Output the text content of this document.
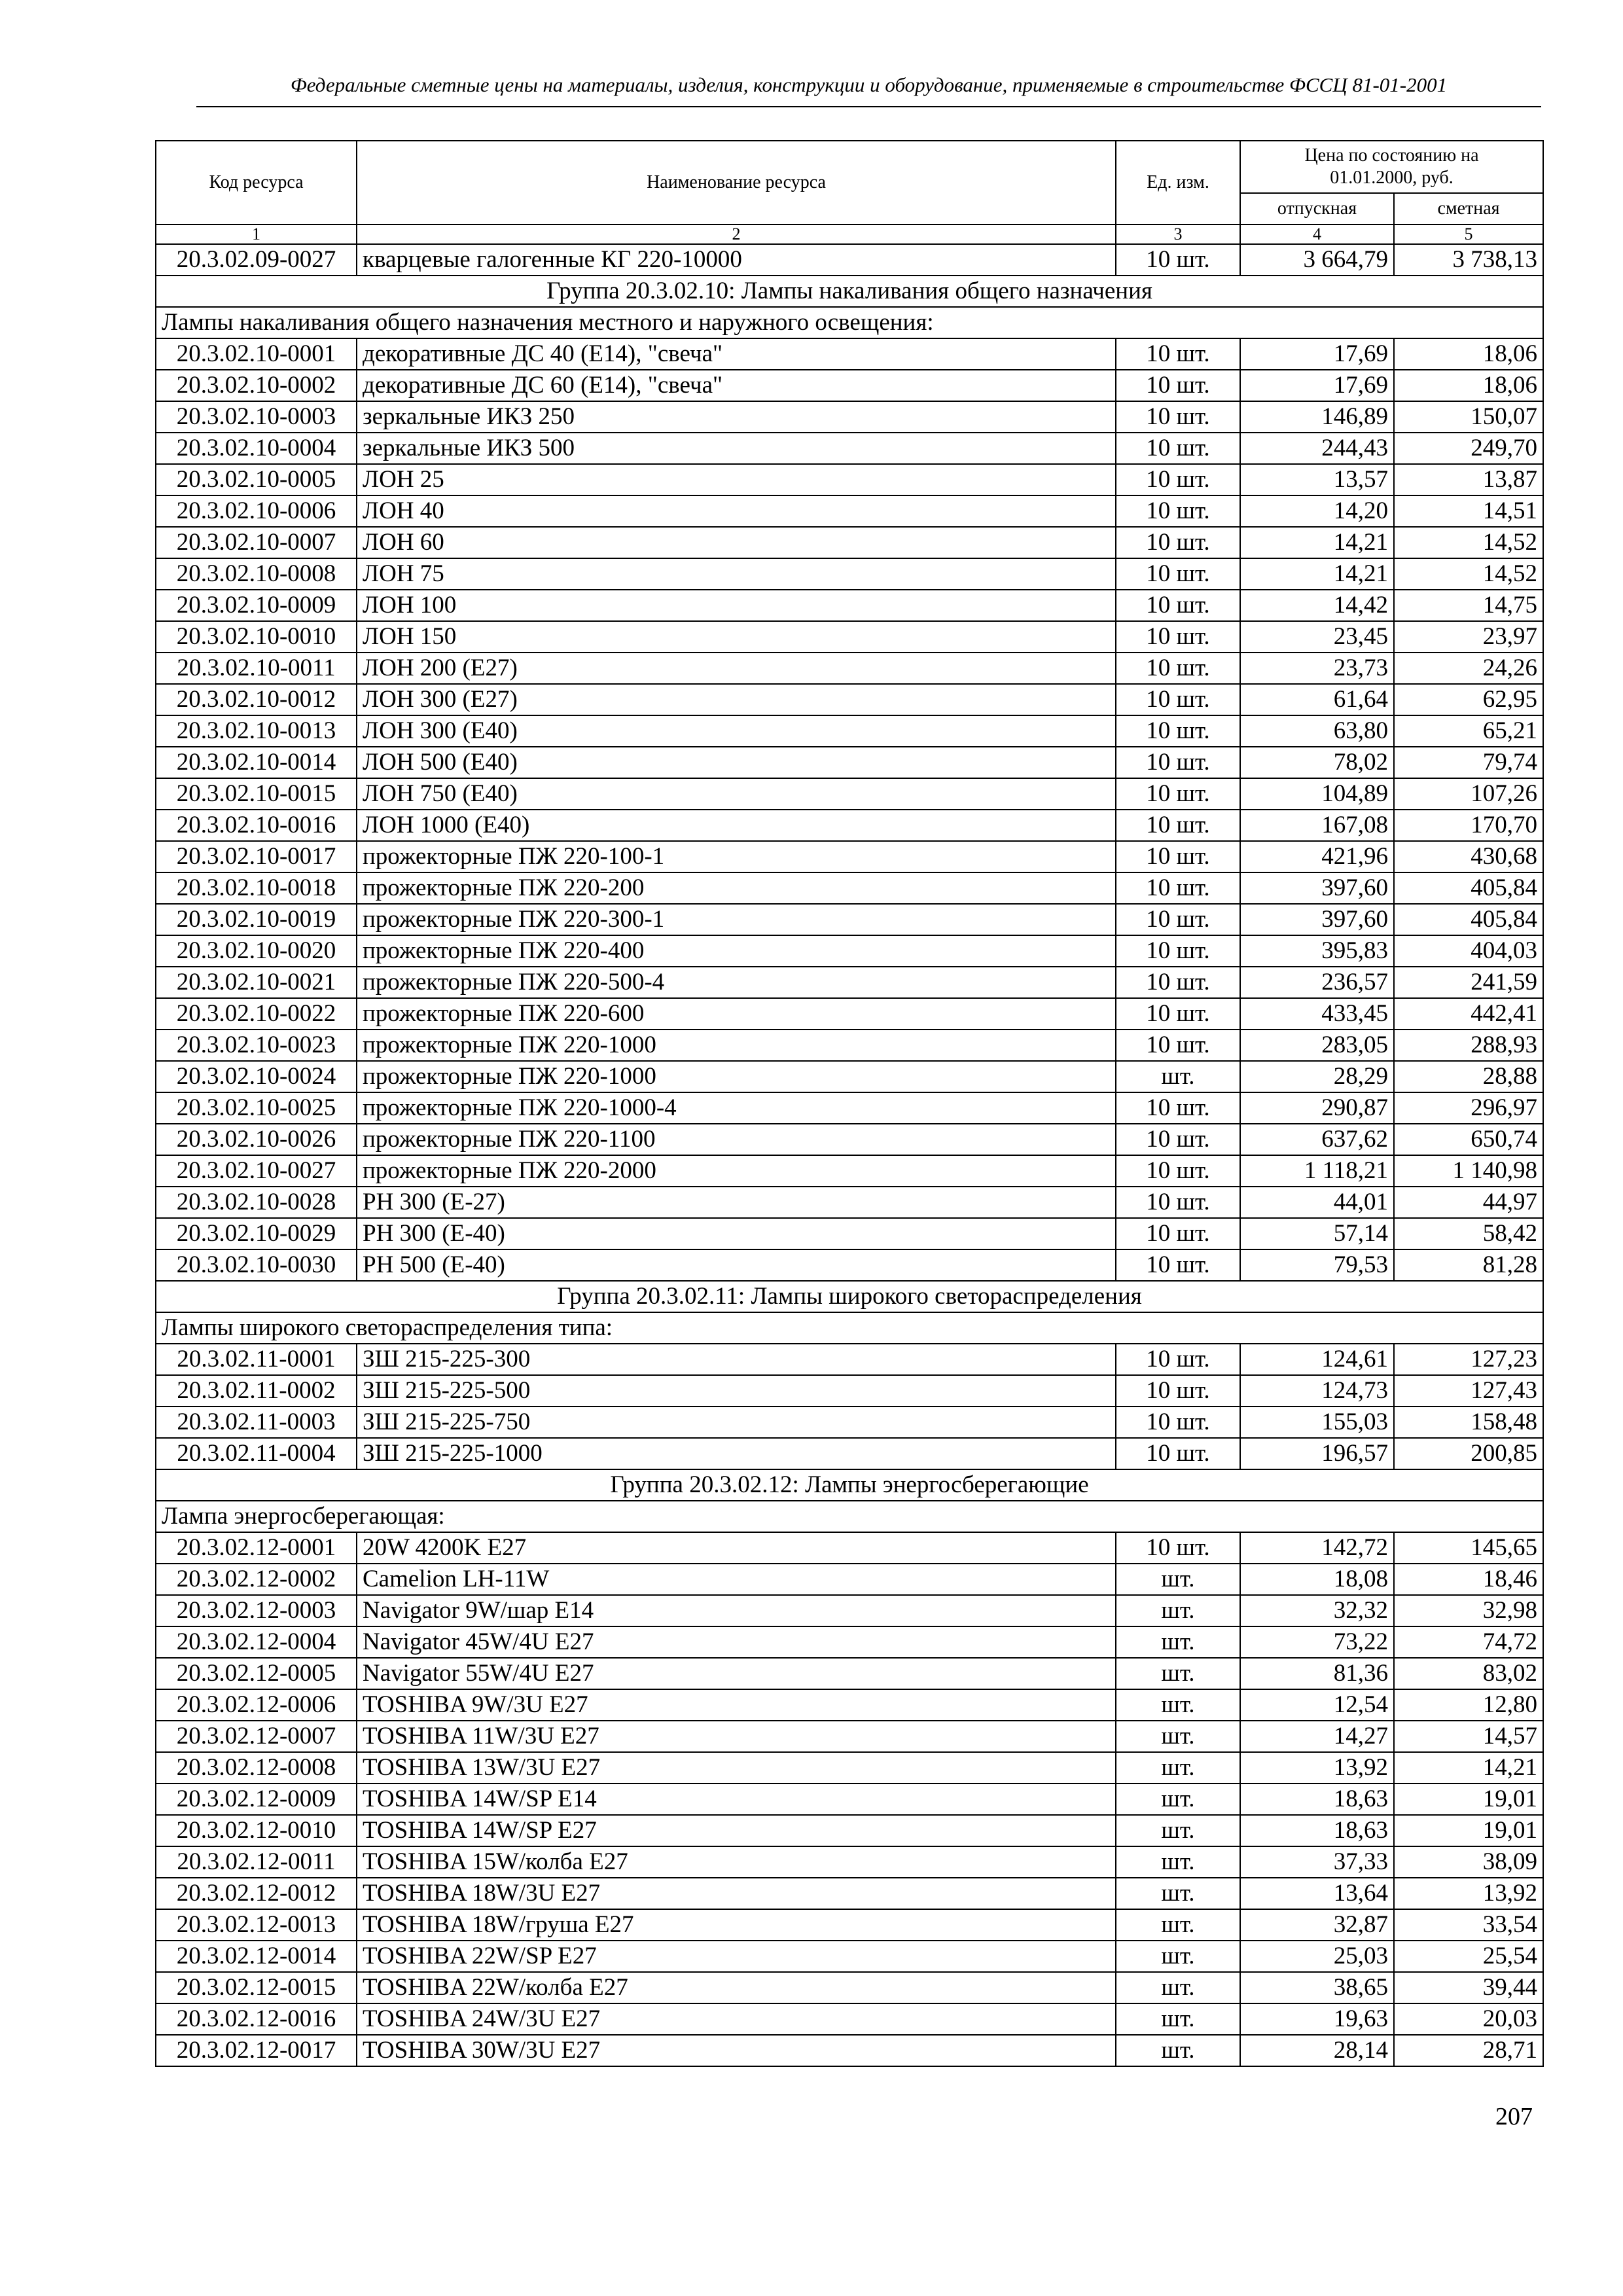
Федеральные сметные цены на материалы, изделия, конструкции и оборудование, применяемые в строительстве ФССЦ 81-01-2001
Код ресурса	Наименование ресурса	Ед. изм.	Цена по состоянию на 01.01.2000, руб.	
			отпускная	сметная
1	2	3	4	5
20.3.02.09-0027	кварцевые галогенные КГ 220-10000	10 шт.	3 664,79	3 738,13
Группа 20.3.02.10: Лампы накаливания общего назначения				
Лампы накаливания общего назначения местного и наружного освещения:				
20.3.02.10-0001	декоративные ДС 40 (Е14), "свеча"	10 шт.	17,69	18,06
20.3.02.10-0002	декоративные ДС 60 (Е14), "свеча"	10 шт.	17,69	18,06
20.3.02.10-0003	зеркальные ИКЗ 250	10 шт.	146,89	150,07
20.3.02.10-0004	зеркальные ИКЗ 500	10 шт.	244,43	249,70
20.3.02.10-0005	ЛОН 25	10 шт.	13,57	13,87
20.3.02.10-0006	ЛОН 40	10 шт.	14,20	14,51
20.3.02.10-0007	ЛОН 60	10 шт.	14,21	14,52
20.3.02.10-0008	ЛОН 75	10 шт.	14,21	14,52
20.3.02.10-0009	ЛОН 100	10 шт.	14,42	14,75
20.3.02.10-0010	ЛОН 150	10 шт.	23,45	23,97
20.3.02.10-0011	ЛОН 200 (Е27)	10 шт.	23,73	24,26
20.3.02.10-0012	ЛОН 300 (Е27)	10 шт.	61,64	62,95
20.3.02.10-0013	ЛОН 300 (Е40)	10 шт.	63,80	65,21
20.3.02.10-0014	ЛОН 500 (Е40)	10 шт.	78,02	79,74
20.3.02.10-0015	ЛОН 750 (Е40)	10 шт.	104,89	107,26
20.3.02.10-0016	ЛОН 1000 (Е40)	10 шт.	167,08	170,70
20.3.02.10-0017	прожекторные ПЖ 220-100-1	10 шт.	421,96	430,68
20.3.02.10-0018	прожекторные ПЖ 220-200	10 шт.	397,60	405,84
20.3.02.10-0019	прожекторные ПЖ 220-300-1	10 шт.	397,60	405,84
20.3.02.10-0020	прожекторные ПЖ 220-400	10 шт.	395,83	404,03
20.3.02.10-0021	прожекторные ПЖ 220-500-4	10 шт.	236,57	241,59
20.3.02.10-0022	прожекторные ПЖ 220-600	10 шт.	433,45	442,41
20.3.02.10-0023	прожекторные ПЖ 220-1000	10 шт.	283,05	288,93
20.3.02.10-0024	прожекторные ПЖ 220-1000	шт.	28,29	28,88
20.3.02.10-0025	прожекторные ПЖ 220-1000-4	10 шт.	290,87	296,97
20.3.02.10-0026	прожекторные ПЖ 220-1100	10 шт.	637,62	650,74
20.3.02.10-0027	прожекторные ПЖ 220-2000	10 шт.	1 118,21	1 140,98
20.3.02.10-0028	РН 300 (Е-27)	10 шт.	44,01	44,97
20.3.02.10-0029	РН 300 (Е-40)	10 шт.	57,14	58,42
20.3.02.10-0030	РН 500 (Е-40)	10 шт.	79,53	81,28
Группа 20.3.02.11: Лампы широкого светораспределения				
Лампы широкого светораспределения типа:				
20.3.02.11-0001	ЗШ 215-225-300	10 шт.	124,61	127,23
20.3.02.11-0002	ЗШ 215-225-500	10 шт.	124,73	127,43
20.3.02.11-0003	ЗШ 215-225-750	10 шт.	155,03	158,48
20.3.02.11-0004	ЗШ 215-225-1000	10 шт.	196,57	200,85
Группа 20.3.02.12: Лампы энергосберегающие				
Лампа энергосберегающая:				
20.3.02.12-0001	20W 4200K E27	10 шт.	142,72	145,65
20.3.02.12-0002	Camelion LH-11W	шт.	18,08	18,46
20.3.02.12-0003	Navigator 9W/шар E14	шт.	32,32	32,98
20.3.02.12-0004	Navigator 45W/4U E27	шт.	73,22	74,72
20.3.02.12-0005	Navigator 55W/4U E27	шт.	81,36	83,02
20.3.02.12-0006	TOSHIBA 9W/3U E27	шт.	12,54	12,80
20.3.02.12-0007	TOSHIBA 11W/3U E27	шт.	14,27	14,57
20.3.02.12-0008	TOSHIBA 13W/3U E27	шт.	13,92	14,21
20.3.02.12-0009	TOSHIBA 14W/SP E14	шт.	18,63	19,01
20.3.02.12-0010	TOSHIBA 14W/SP E27	шт.	18,63	19,01
20.3.02.12-0011	TOSHIBA 15W/колба E27	шт.	37,33	38,09
20.3.02.12-0012	TOSHIBA 18W/3U E27	шт.	13,64	13,92
20.3.02.12-0013	TOSHIBA 18W/груша E27	шт.	32,87	33,54
20.3.02.12-0014	TOSHIBA 22W/SP E27	шт.	25,03	25,54
20.3.02.12-0015	TOSHIBA 22W/колба E27	шт.	38,65	39,44
20.3.02.12-0016	TOSHIBA 24W/3U E27	шт.	19,63	20,03
20.3.02.12-0017	TOSHIBA 30W/3U E27	шт.	28,14	28,71
207
